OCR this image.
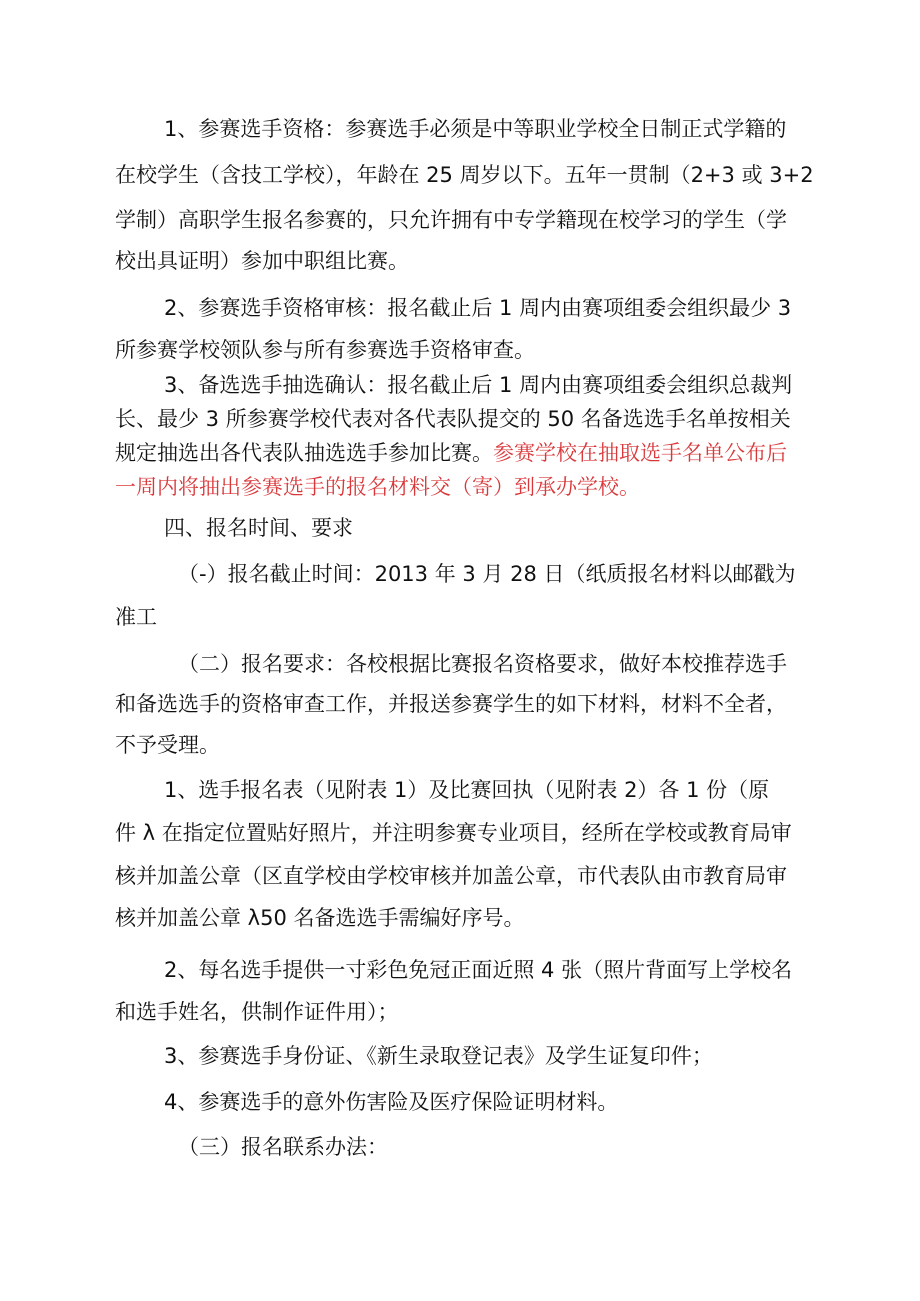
1、参赛选手资格：参赛选手必须是中等职业学校全日制正式学籍的
在校学生（含技工学校），年龄在 25 周岁以下。五年一贯制（2+3 或 3+2
学制）高职学生报名参赛的，只允许拥有中专学籍现在校学习的学生（学
校出具证明）参加中职组比赛。
2、参赛选手资格审核：报名截止后 1 周内由赛项组委会组织最少 3
所参赛学校领队参与所有参赛选手资格审查。
3、备选选手抽选确认：报名截止后 1 周内由赛项组委会组织总裁判
长、最少 3 所参赛学校代表对各代表队提交的 50 名备选选手名单按相关
规定抽选出各代表队抽选选手参加比赛。参赛学校在抽取选手名单公布后
一周内将抽出参赛选手的报名材料交（寄）到承办学校。
四、报名时间、要求
（-）报名截止时间：2013 年 3 月 28 日（纸质报名材料以邮戳为
准工
（二）报名要求：各校根据比赛报名资格要求，做好本校推荐选手
和备选选手的资格审查工作，并报送参赛学生的如下材料，材料不全者，
不予受理。
1、选手报名表（见附表 1）及比赛回执（见附表 2）各 1 份（原
件 λ 在指定位置贴好照片，并注明参赛专业项目，经所在学校或教育局审
核并加盖公章（区直学校由学校审核并加盖公章，市代表队由市教育局审
核并加盖公章 λ50 名备选选手需编好序号。
2、每名选手提供一寸彩色免冠正面近照 4 张（照片背面写上学校名
和选手姓名，供制作证件用）；
3、参赛选手身份证、《新生录取登记表》及学生证复印件；
4、参赛选手的意外伤害险及医疗保险证明材料。
（三）报名联系办法：
